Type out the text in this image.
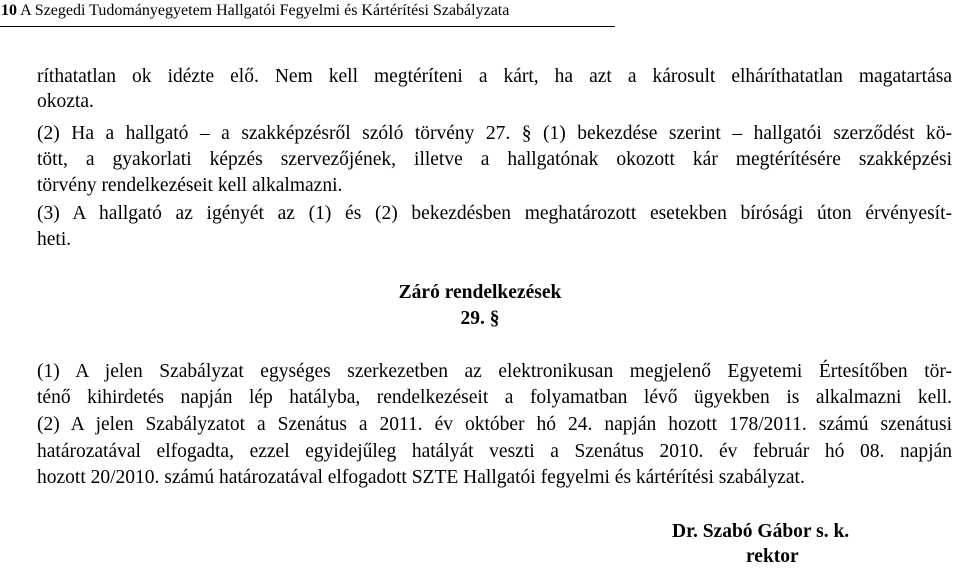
10 A Szegedi Tudományegyetem Hallgatói Fegyelmi és Kártérítési Szabályzata
ríthatatlan ok idézte elő. Nem kell megtéríteni a kárt, ha azt a károsult elháríthatatlan magatartása
okozta.
(2) Ha a hallgató – a szakképzésről szóló törvény 27. § (1) bekezdése szerint – hallgatói szerződést kö-
tött, a gyakorlati képzés szervezőjének, illetve a hallgatónak okozott kár megtérítésére szakképzési
törvény rendelkezéseit kell alkalmazni.
(3) A hallgató az igényét az (1) és (2) bekezdésben meghatározott esetekben bírósági úton érvényesít-
heti.
Záró rendelkezések
29. §
(1) A jelen Szabályzat egységes szerkezetben az elektronikusan megjelenő Egyetemi Értesítőben tör-
ténő kihirdetés napján lép hatályba, rendelkezéseit a folyamatban lévő ügyekben is alkalmazni kell.
(2) A jelen Szabályzatot a Szenátus a 2011. év október hó 24. napján hozott 178/2011. számú szenátusi
határozatával elfogadta, ezzel egyidejűleg hatályát veszti a Szenátus 2010. év február hó 08. napján
hozott 20/2010. számú határozatával elfogadott SZTE Hallgatói fegyelmi és kártérítési szabályzat.
Dr. Szabó Gábor s. k.
rektor
